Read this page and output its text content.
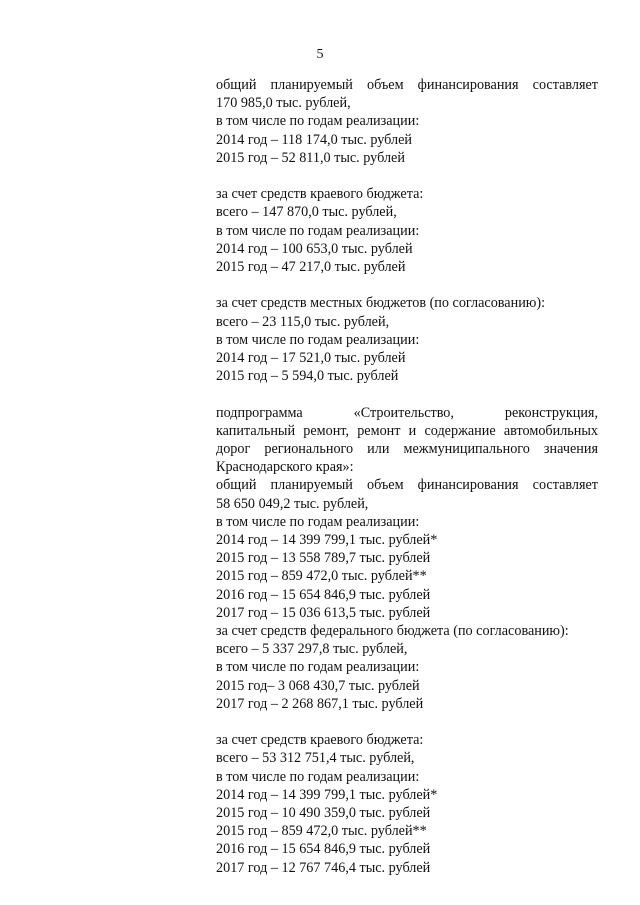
5
общий планируемый объем финансирования составляет
170 985,0 тыс. рублей,
в том числе по годам реализации:
2014 год – 118 174,0 тыс. рублей
2015 год – 52 811,0 тыс. рублей
за счет средств краевого бюджета:
всего – 147 870,0 тыс. рублей,
в том числе по годам реализации:
2014 год – 100 653,0 тыс. рублей
2015 год – 47 217,0 тыс. рублей
за счет средств местных бюджетов (по согласованию):
всего – 23 115,0 тыс. рублей,
в том числе по годам реализации:
2014 год – 17 521,0 тыс. рублей
2015 год – 5 594,0 тыс. рублей
подпрограмма «Строительство, реконструкция,
капитальный ремонт, ремонт и содержание автомобильных
дорог регионального или межмуниципального значения
Краснодарского края»:
общий планируемый объем финансирования составляет
58 650 049,2 тыс. рублей,
в том числе по годам реализации:
2014 год – 14 399 799,1 тыс. рублей*
2015 год – 13 558 789,7 тыс. рублей
2015 год – 859 472,0 тыс. рублей**
2016 год – 15 654 846,9 тыс. рублей
2017 год – 15 036 613,5 тыс. рублей
за счет средств федерального бюджета (по согласованию):
всего – 5 337 297,8 тыс. рублей,
в том числе по годам реализации:
2015 год– 3 068 430,7 тыс. рублей
2017 год – 2 268 867,1 тыс. рублей
за счет средств краевого бюджета:
всего – 53 312 751,4 тыс. рублей,
в том числе по годам реализации:
2014 год – 14 399 799,1 тыс. рублей*
2015 год – 10 490 359,0 тыс. рублей
2015 год – 859 472,0 тыс. рублей**
2016 год – 15 654 846,9 тыс. рублей
2017 год – 12 767 746,4 тыс. рублей
